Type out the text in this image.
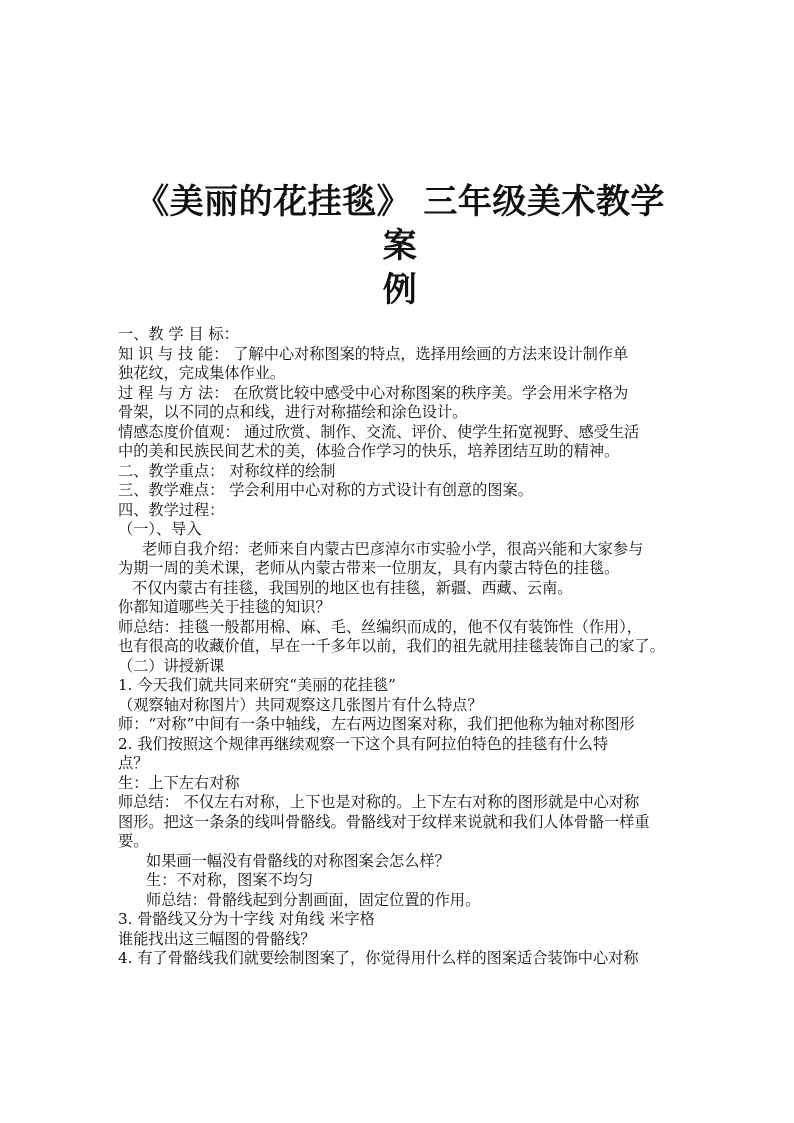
《美丽的花挂毯》 三年级美术教学案
例
一、教 学 目 标：
知 识 与 技 能： 了解中心对称图案的特点，选择用绘画的方法来设计制作单
独花纹，完成集体作业。
过 程 与 方 法： 在欣赏比较中感受中心对称图案的秩序美。学会用米字格为
骨架，以不同的点和线，进行对称描绘和涂色设计。
情感态度价值观： 通过欣赏、制作、交流、评价、使学生拓宽视野、感受生活
中的美和民族民间艺术的美，体验合作学习的快乐，培养团结互助的精神。
二、教学重点： 对称纹样的绘制
三、教学难点： 学会利用中心对称的方式设计有创意的图案。
四、教学过程：
（一）、导入
老师自我介绍：老师来自内蒙古巴彦淖尔市实验小学，很高兴能和大家参与
为期一周的美术课，老师从内蒙古带来一位朋友，具有内蒙古特色的挂毯。
不仅内蒙古有挂毯，我国别的地区也有挂毯，新疆、西藏、云南。
你都知道哪些关于挂毯的知识？
师总结：挂毯一般都用棉、麻、毛、丝编织而成的，他不仅有装饰性（作用），
也有很高的收藏价值，早在一千多年以前，我们的祖先就用挂毯装饰自己的家了。
（二）讲授新课
1. 今天我们就共同来研究“美丽的花挂毯”
（观察轴对称图片）共同观察这几张图片有什么特点？
师：“对称”中间有一条中轴线，左右两边图案对称，我们把他称为轴对称图形
2. 我们按照这个规律再继续观察一下这个具有阿拉伯特色的挂毯有什么特
点？
生：上下左右对称
师总结： 不仅左右对称，上下也是对称的。上下左右对称的图形就是中心对称
图形。把这一条条的线叫骨骼线。骨骼线对于纹样来说就和我们人体骨骼一样重
要。
如果画一幅没有骨骼线的对称图案会怎么样？
生：不对称，图案不均匀
师总结：骨骼线起到分割画面，固定位置的作用。
3. 骨骼线又分为十字线 对角线 米字格
谁能找出这三幅图的骨骼线？
4. 有了骨骼线我们就要绘制图案了，你觉得用什么样的图案适合装饰中心对称
